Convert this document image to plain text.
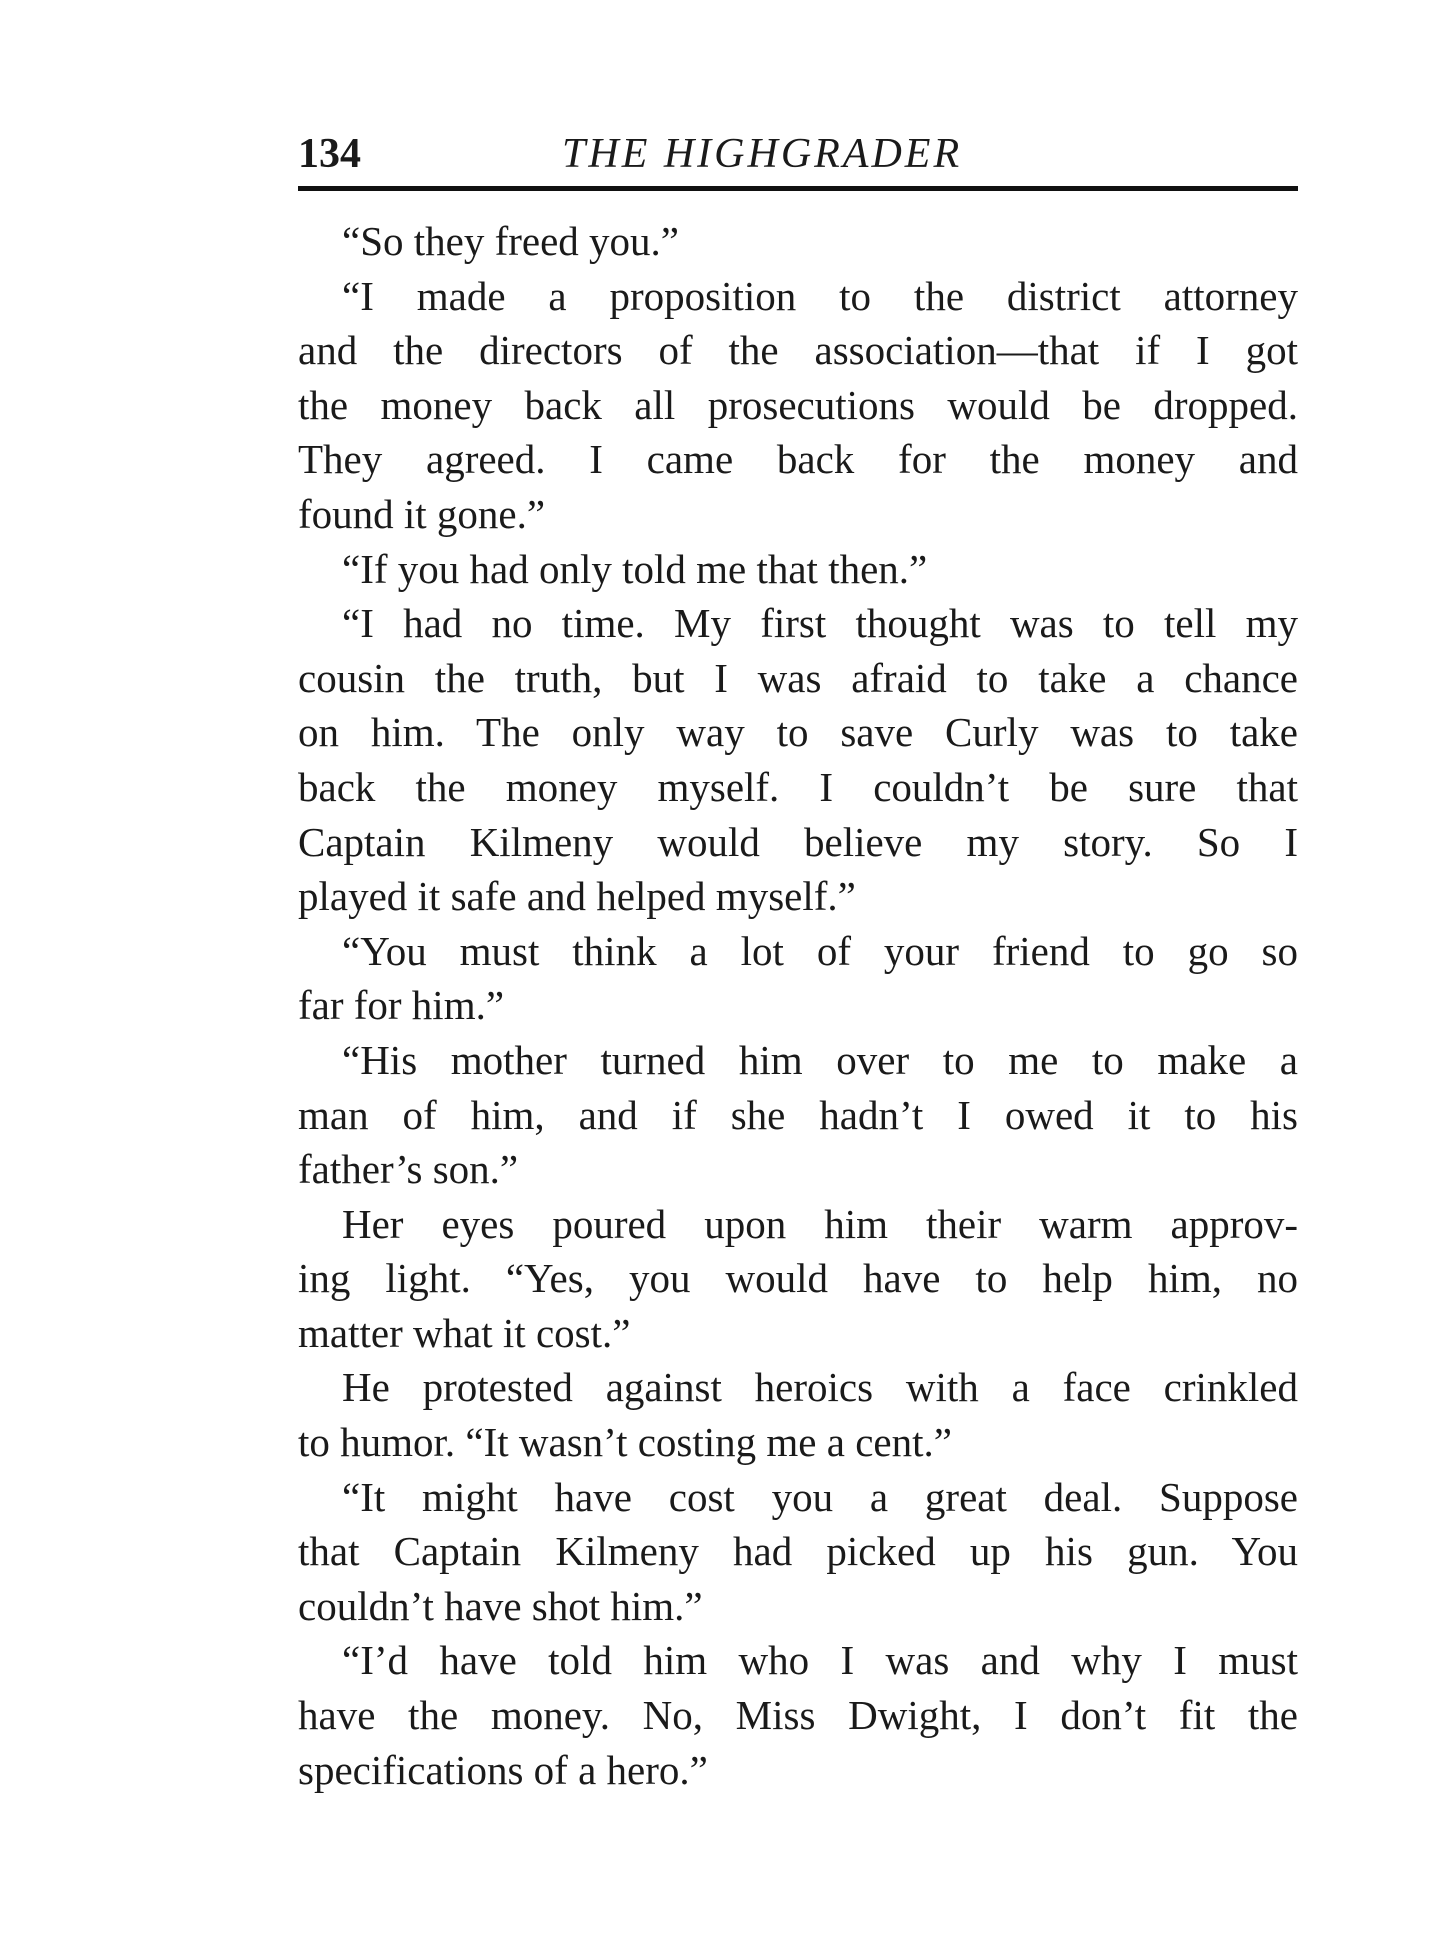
134	THE HIGHGRADER
“So they freed you.”
“I made a proposition to the district attorney
and the directors of the association—that if I got
the money back all prosecutions would be dropped.
They agreed. I came back for the money and
found it gone.”
“If you had only told me that then.”
“I had no time. My first thought was to tell my
cousin the truth, but I was afraid to take a chance
on him. The only way to save Curly was to take
back the money myself. I couldn’t be sure that
Captain Kilmeny would believe my story. So I
played it safe and helped myself.”
“You must think a lot of your friend to go so
far for him.”
“His mother turned him over to me to make a
man of him, and if she hadn’t I owed it to his
father’s son.”
Her eyes poured upon him their warm approv-
ing light. “Yes, you would have to help him, no
matter what it cost.”
He protested against heroics with a face crinkled
to humor. “It wasn’t costing me a cent.”
“It might have cost you a great deal. Suppose
that Captain Kilmeny had picked up his gun. You
couldn’t have shot him.”
“I’d have told him who I was and why I must
have the money. No, Miss Dwight, I don’t fit the
specifications of a hero.”
